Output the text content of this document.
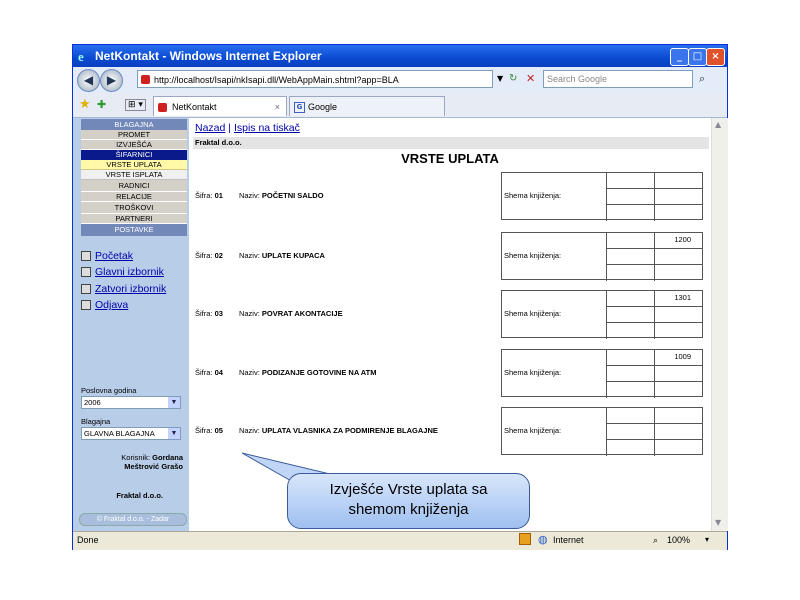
e NetKontakt - Windows Internet Explorer	_	□ ×
◀	▶	http://localhost/Isapi/nkIsapi.dll/WebAppMain.shtml?app=BLA	▼ ↻ ✕	Search Google	⌕
★ ✚	⊞ ▾	NetKontakt	×	G Google
BLAGAJNA
PROMET
IZVJEŠĆA
ŠIFARNICI
VRSTE UPLATA
VRSTE ISPLATA
RADNICI
RELACIJE
TROŠKOVI
PARTNERI
POSTAVKE
Početak
Glavni izbornik
Zatvori izbornik
Odjava
Poslovna godina
2006	▼
Blagajna
GLAVNA BLAGAJNA	▼
Korisnik: Gordana
Meštrović Grašo
Fraktal d.o.o.
© Fraktal d.o.o. - Zadar
Nazad | Ispis na tiskač
Fraktal d.o.o.
VRSTE UPLATA
Šifra: 01 Naziv: POČETNI SALDO	Shema knjiženja:
Šifra: 02 Naziv: UPLATE KUPACA	Shema knjiženja:
1200
Šifra: 03 Naziv: POVRAT AKONTACIJE	Shema knjiženja:
1301
Šifra: 04 Naziv: PODIZANJE GOTOVINE NA ATM	Shema knjiženja:
1009
Šifra: 05 Naziv: UPLATA VLASNIKA ZA PODMIRENJE BLAGAJNE	Shema knjiženja:
▲
▼
Done	◍ Internet	⌕ 100% ▾
Izvješće Vrste uplata sa
shemom knjiženja
